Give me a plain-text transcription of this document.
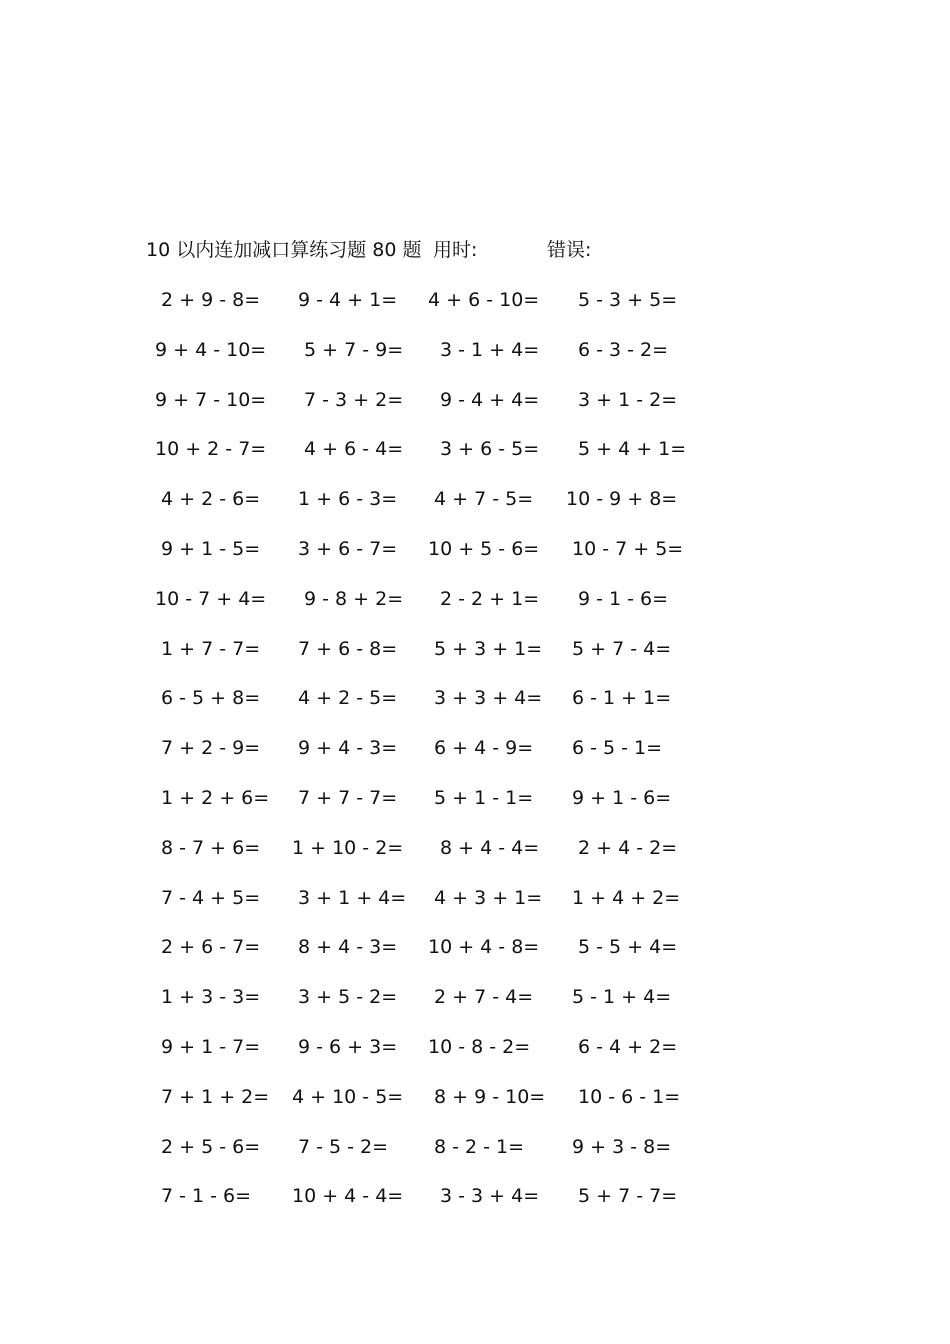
10 以内连加减口算练习题 80 题 用时:	错误:
2 + 9 - 8=	9 - 4 + 1=	4 + 6 - 10= 5 - 3 + 5=
9 + 4 - 10= 5 + 7 - 9=	3 - 1 + 4=	6 - 3 - 2=
9 + 7 - 10= 7 - 3 + 2=	9 - 4 + 4=	3 + 1 - 2=
10 + 2 - 7= 4 + 6 - 4=	3 + 6 - 5=	5 + 4 + 1=
4 + 2 - 6=	1 + 6 - 3=	4 + 7 - 5=	10 - 9 + 8=
9 + 1 - 5=	3 + 6 - 7=	10 + 5 - 6= 10 - 7 + 5=
10 - 7 + 4= 9 - 8 + 2=	2 - 2 + 1=	9 - 1 - 6=
1 + 7 - 7=	7 + 6 - 8=	5 + 3 + 1=	5 + 7 - 4=
6 - 5 + 8=	4 + 2 - 5=	3 + 3 + 4=	6 - 1 + 1=
7 + 2 - 9=	9 + 4 - 3=	6 + 4 - 9=	6 - 5 - 1=
1 + 2 + 6=	7 + 7 - 7=	5 + 1 - 1=	9 + 1 - 6=
8 - 7 + 6=	1 + 10 - 2= 8 + 4 - 4=	2 + 4 - 2=
7 - 4 + 5=	3 + 1 + 4=	4 + 3 + 1=	1 + 4 + 2=
2 + 6 - 7=	8 + 4 - 3=	10 + 4 - 8= 5 - 5 + 4=
1 + 3 - 3=	3 + 5 - 2=	2 + 7 - 4=	5 - 1 + 4=
9 + 1 - 7=	9 - 6 + 3=	10 - 8 - 2=	6 - 4 + 2=
7 + 1 + 2=	4 + 10 - 5= 8 + 9 - 10= 10 - 6 - 1=
2 + 5 - 6=	7 - 5 - 2=	8 - 2 - 1=	9 + 3 - 8=
7 - 1 - 6=	10 + 4 - 4= 3 - 3 + 4=	5 + 7 - 7=
